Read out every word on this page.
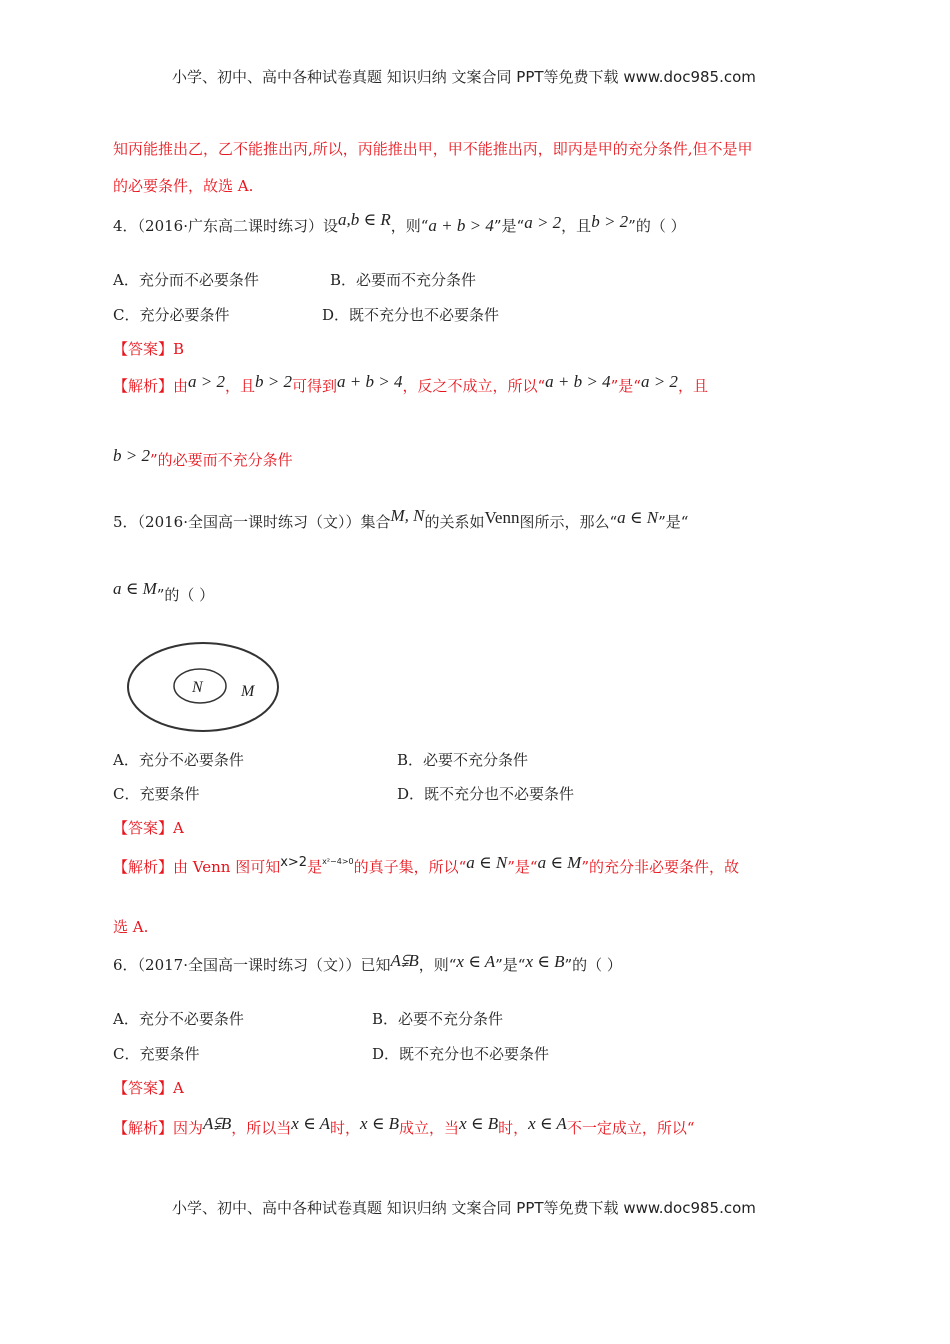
小学、初中、高中各种试卷真题 知识归纳 文案合同 PPT等免费下载 www.doc985.com
知丙能推出乙，乙不能推出丙,所以，丙能推出甲，甲不能推出丙，即丙是甲的充分条件,但不是甲
的必要条件，故选 A.
4．（2016·广东高二课时练习）设a,b ∈ R，则“a + b > 4”是“a > 2，且b > 2”的（ ）
A．充分而不必要条件	B．必要而不充分条件
C．充分必要条件	D．既不充分也不必要条件
【答案】B
【解析】由a > 2，且b > 2可得到a + b > 4，反之不成立，所以“a + b > 4”是“a > 2，且
b > 2”的必要而不充分条件
5．（2016·全国高一课时练习（文））集合M, N的关系如Venn图所示，那么“a ∈ N”是“
a ∈ M”的（ ）
N M
A．充分不必要条件	B．必要不充分条件
C．充要条件	D．既不充分也不必要条件
【答案】A
【解析】由 Venn 图可知x>2是$^{x^2-4>0}$的真子集，所以“a ∈ N”是“a ∈ M”的充分非必要条件，故
选 A.
6．（2017·全国高一课时练习（文））已知A⫋B，则“x ∈ A”是“x ∈ B”的（ ）
A．充分不必要条件	B．必要不充分条件
C．充要条件	D．既不充分也不必要条件
【答案】A
【解析】因为A⫋B，所以当x ∈ A时，x ∈ B成立，当x ∈ B时，x ∈ A不一定成立，所以“
小学、初中、高中各种试卷真题 知识归纳 文案合同 PPT等免费下载 www.doc985.com
